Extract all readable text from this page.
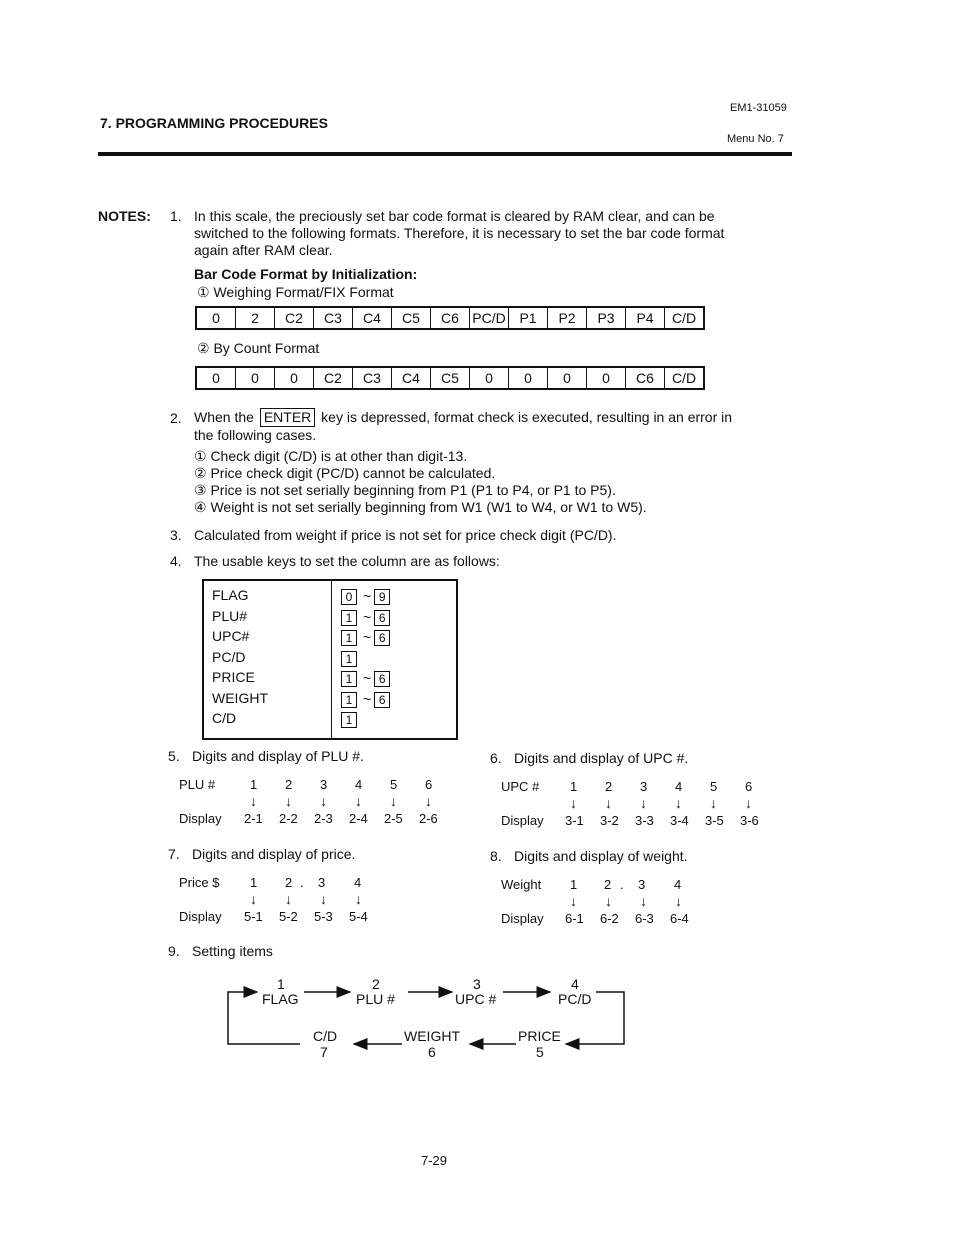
7. PROGRAMMING PROCEDURES
EM1-31059
Menu No. 7
NOTES: 1. In this scale, the preciously set bar code format is cleared by RAM clear, and can be
switched to the following formats. Therefore, it is necessary to set the bar code format
again after RAM clear.
Bar Code Format by Initialization:
① Weighing Format/FIX Format
0	2	C2	C3	C4	C5	C6	PC/D	P1	P2	P3	P4	C/D
② By Count Format
0	0	0	C2	C3	C4	C5	0	0	0	0	C6	C/D
2. When the ENTER key is depressed, format check is executed, resulting in an error in
the following cases.
① Check digit (C/D) is at other than digit-13.
② Price check digit (PC/D) cannot be calculated.
③ Price is not set serially beginning from P1 (P1 to P4, or P1 to P5).
④ Weight is not set serially beginning from W1 (W1 to W4, or W1 to W5).
3. Calculated from weight if price is not set for price check digit (PC/D).
4. The usable keys to set the column are as follows:
FLAG	0 ~ 9
PLU#	1 ~ 6
UPC#	1 ~ 6
PC/D	1
PRICE	1 ~ 6
WEIGHT	1 ~ 6
C/D	1
5. Digits and display of PLU #.
PLU #	1 2 3 4 5 6
↓ ↓ ↓ ↓ ↓ ↓
Display 2-1 2-2 2-3 2-4 2-5 2-6
6. Digits and display of UPC #.
UPC # 1 2 3 4 5 6
↓ ↓ ↓ ↓ ↓ ↓
Display 3-1 3-2 3-3 3-4 3-5 3-6
7. Digits and display of price.
Price $ 1 2 . 3 4
↓ ↓ ↓ ↓
Display 5-1 5-2 5-3 5-4
8. Digits and display of weight.
Weight 1 2 . 3 4
↓ ↓ ↓ ↓
Display 6-1 6-2 6-3 6-4
9. Setting items
1
FLAG
2
PLU #
3
UPC #
4
PC/D
C/D
7
WEIGHT
6
PRICE
5
7-29
